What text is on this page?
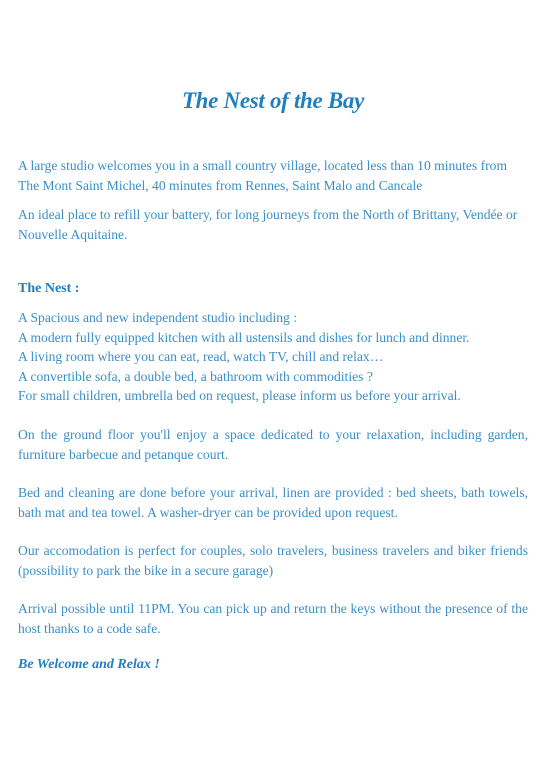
The Nest of the Bay
A large studio welcomes you in a small country village, located less than 10 minutes from The Mont Saint Michel, 40 minutes from Rennes, Saint Malo and Cancale
An ideal place to refill your battery, for long journeys from the North of Brittany, Vendée or Nouvelle Aquitaine.
The Nest :
A Spacious and new independent studio including :
A modern fully equipped kitchen with all ustensils and dishes for lunch and dinner.
A living room where you can eat, read, watch TV, chill and relax…
A convertible sofa, a double bed, a bathroom with commodities ?
For small children, umbrella bed on request, please inform us before your arrival.
On the ground floor you'll enjoy a space dedicated to your relaxation, including garden, furniture barbecue and petanque court.
Bed and cleaning are done before your arrival, linen are provided : bed sheets, bath towels, bath mat and tea towel. A washer-dryer can be provided upon request.
Our accomodation is perfect for couples, solo travelers, business travelers and biker friends (possibility to park the bike in a secure garage)
Arrival possible until 11PM. You can pick up and return the keys without the presence of the host thanks to a code safe.
Be Welcome and Relax !
